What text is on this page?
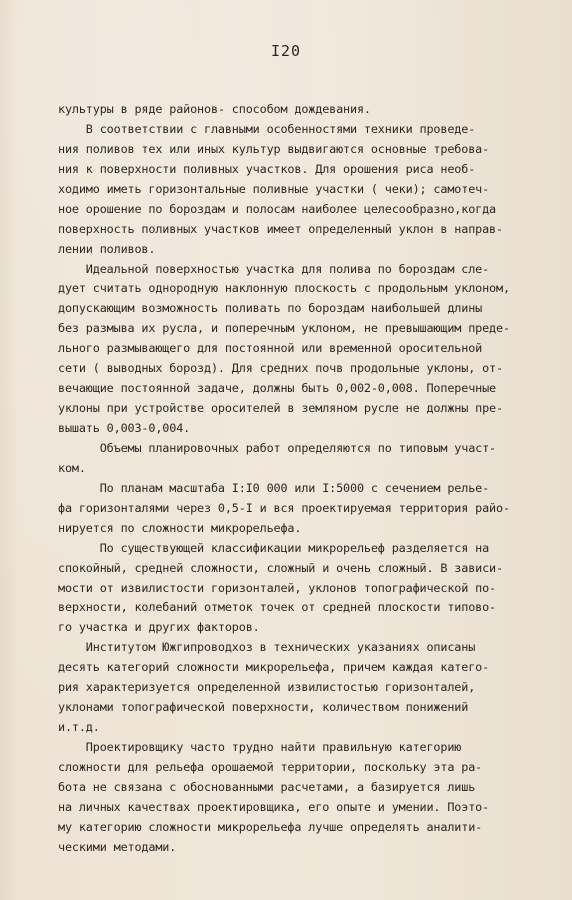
I20
культуры в ряде районов- способом дождевания.
В соответствии с главными особенностями техники проведе-
ния поливов тех или иных культур выдвигаются основные требова-
ния к поверхности поливных участков. Для орошения риса необ-
ходимо иметь горизонтальные поливные участки ( чеки); самотеч-
ное орошение по бороздам и полосам наиболее целесообразно,когда
поверхность поливных участков имеет определенный уклон в направ-
лении поливов.
Идеальной поверхностью участка для полива по бороздам сле-
дует считать однородную наклонную плоскость с продольным уклоном,
допускающим возможность поливать по бороздам наибольшей длины
без размыва их русла, и поперечным уклоном, не превышающим преде-
льного размывающего для постоянной или временной оросительной
сети ( выводных борозд). Для средних почв продольные уклоны, от-
вечающие постоянной задаче, должны быть 0,002-0,008. Поперечные
уклоны при устройстве оросителей в земляном русле не должны пре-
вышать 0,003-0,004.
Объемы планировочных работ определяются по типовым участ-
ком.
По планам масштаба I:I0 000 или I:5000 с сечением релье-
фа горизонталями через 0,5-I и вся проектируемая территория райо-
нируется по сложности микрорельефа.
По существующей классификации микрорельеф разделяется на
спокойный, средней сложности, сложный и очень сложный. В зависи-
мости от извилистости горизонталей, уклонов топографической по-
верхности, колебаний отметок точек от средней плоскости типово-
го участка и других факторов.
Институтом Южгипроводхоз в технических указаниях описаны
десять категорий сложности микрорельефа, причем каждая катего-
рия характеризуется определенной извилистостью горизонталей,
уклонами топографической поверхности, количеством понижений
и.т.д.
Проектировщику часто трудно найти правильную категорию
сложности для рельефа орошаемой территории, поскольку эта ра-
бота не связана с обоснованными расчетами, а базируется лишь
на личных качествах проектировщика, его опыте и умении. Поэто-
му категорию сложности микрорельефа лучше определять аналити-
ческими методами.
